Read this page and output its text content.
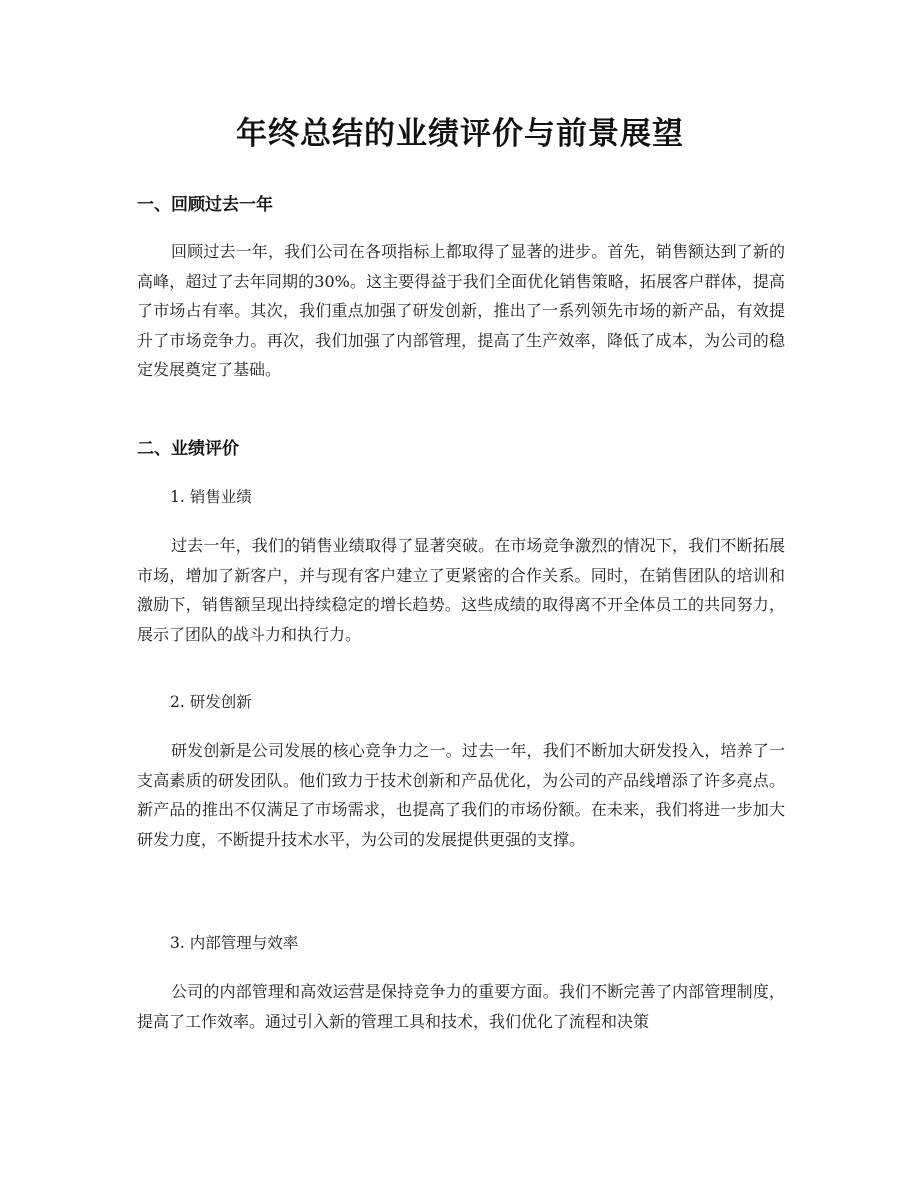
年终总结的业绩评价与前景展望
一、回顾过去一年

回顾过去一年，我们公司在各项指标上都取得了显著的进步。首先，销售额达到了新的高峰，超过了去年同期的30%。这主要得益于我们全面优化销售策略，拓展客户群体，提高了市场占有率。其次，我们重点加强了研发创新，推出了一系列领先市场的新产品，有效提升了市场竞争力。再次，我们加强了内部管理，提高了生产效率，降低了成本，为公司的稳定发展奠定了基础。

二、业绩评价

1. 销售业绩

过去一年，我们的销售业绩取得了显著突破。在市场竞争激烈的情况下，我们不断拓展市场，增加了新客户，并与现有客户建立了更紧密的合作关系。同时，在销售团队的培训和激励下，销售额呈现出持续稳定的增长趋势。这些成绩的取得离不开全体员工的共同努力，展示了团队的战斗力和执行力。

2. 研发创新

研发创新是公司发展的核心竞争力之一。过去一年，我们不断加大研发投入，培养了一支高素质的研发团队。他们致力于技术创新和产品优化，为公司的产品线增添了许多亮点。新产品的推出不仅满足了市场需求，也提高了我们的市场份额。在未来，我们将进一步加大研发力度，不断提升技术水平，为公司的发展提供更强的支撑。

3. 内部管理与效率

公司的内部管理和高效运营是保持竞争力的重要方面。我们不断完善了内部管理制度，提高了工作效率。通过引入新的管理工具和技术，我们优化了流程和决策
